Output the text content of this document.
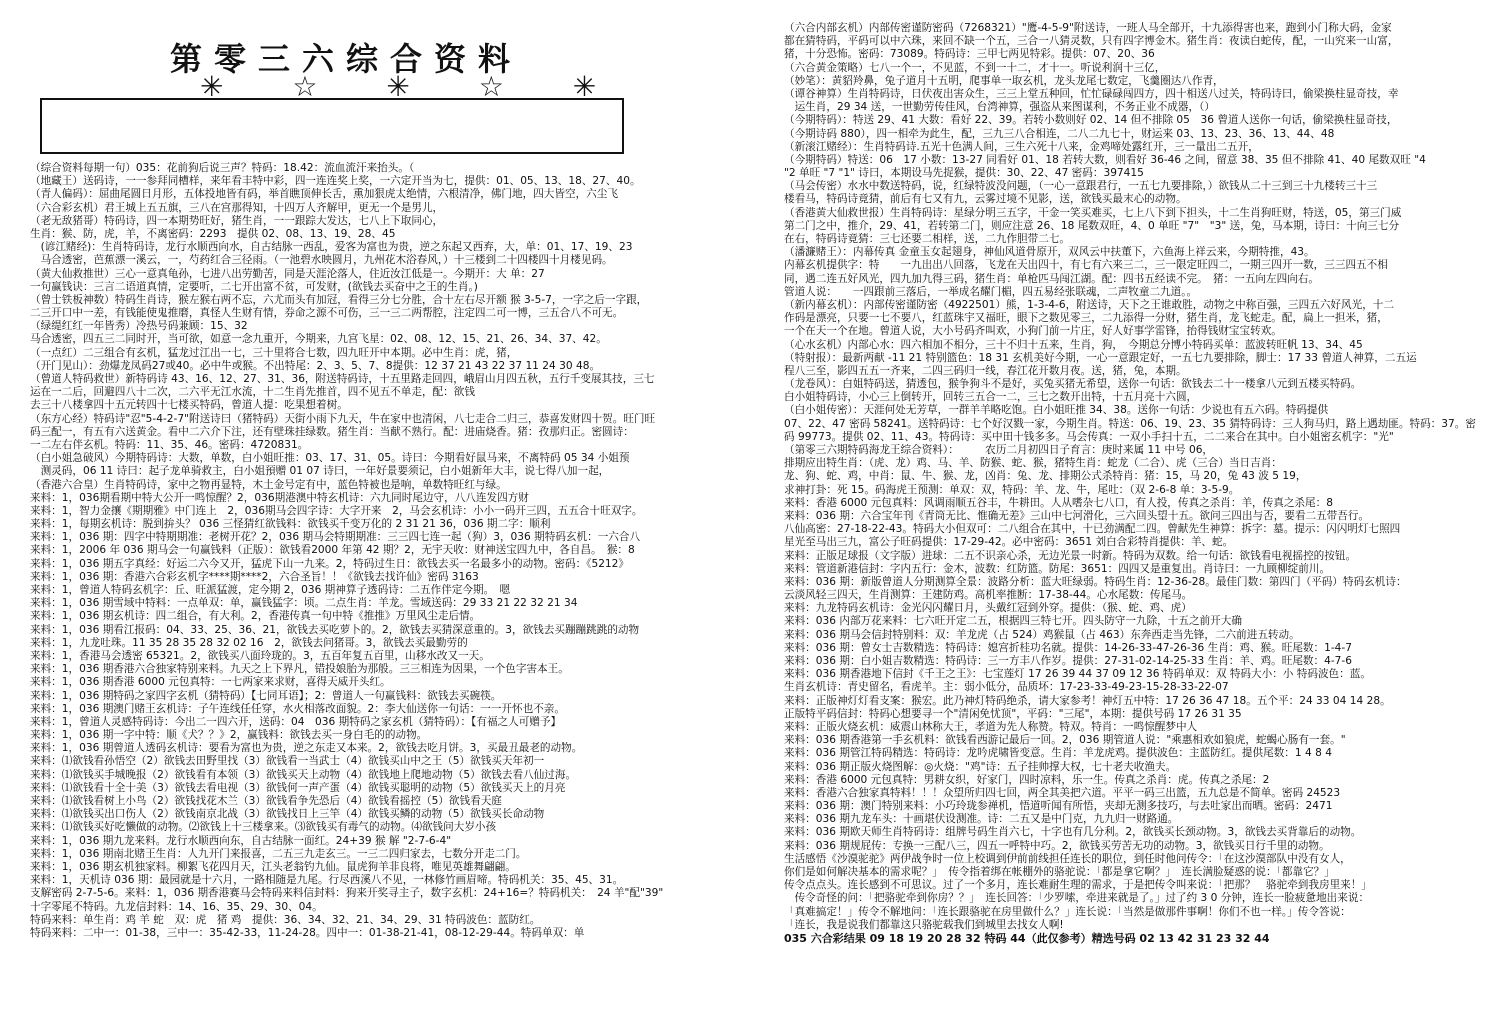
第零三六综合资料
✳ ☆ ✳ ☆ ✳
（综合资料每期一句）035：花前狗后说三声？特码：18.42：流血流汗来抬头。（
（地藏王）送码诗，一一参拜同槽样，来年看丰特中彩，四一连连奖上奖，一六定开当为七，提供：01、05、13、18、27、40。
（青人偏码）：屈曲尾圆日月形，五体投地皆有码，举首瞧顶伸长舌，熏加狠虎太绝情，六根清净，佛门地，四大皆空，六尘飞
（六合彩玄机）君王城上五五旗，三八在宫那得知，十四万人齐解甲，更无一个是男儿，
（老无敌猪哥）特码诗，四一本期势旺好，猪生肖，一一跟踪大发达，七八上下取同心，
生肖：猴、防，虎，羊，不离密码：2293　提供 02、08、13、19、28、45
　(谚江赌经)：生肖特码诗，龙行水顺西向水，自古结脉一西乱，爱客为富也为贵，逆之东起又西弃，大，单：01、17、19、23
　马合透密，芭蕉漂一溪云，一，芍药红合三径雨。（一池碧水映圆月，九州花木浴春风，）十三楼到二十四楼四十月楼见码。
（黄大仙救推世）三心一意真龟孙，七进八出劳勤苦，同是天涯沦落人，住近汝江低是一。今期开：大 单：27
一句赢钱诀：三言二语道真情，定要听，二七开出富不贫，可发财，(欲钱去买奋中之王的生肖。)
（曾士铁板神数）特码生肖诗，猴左猴右两不忘，六尤而头有加冠，看得三分七分胜，合十左右尽开额 猴 3-5-7，一字之后一字跟，
二三开口中一差，有钱能使鬼推磨，真怪人生财有情，券命之源不可伤，三一三二两帮腔，注定四二可一博，三五合八不可无。
（绿缇红红一年皆秀）冷热号码兼顾：15、32
马合透密，四五三二同时开，当可欲，如意一念九重开，今期来，九宫飞星：02、08、12、15、21、26、34、37、42。
（一点红）二三组合有玄机，猛龙过江出一七，三十里将合七数，四九旺开中本期。必中生肖：虎，猪，
（开门见山）：劲爆龙凤码27或40。必中牛或猴。不出特尾：2、3、5、7、8提供：12 37 21 43 22 37 11 24 30 48。
（曾道人特码救世）新特码诗 43、16、12、27、31、36，附送特码诗，十五里路走回四，峨眉山月四五秋，五行千变展其技，三七
运在一二后，回避四八十二次，二六平无江水流，十二生肖先推首，四不见五不单走，配：欲钱
去三十八楼拿四十五元转四十七楼买特码，曾道人提：吃果想着树。
（东方心经）特码诗"忍"5-4-2-7"附送诗曰（猪特码）天街小雨下九天，牛在家中也清闲，八七走合二归三，恭喜发财四十贺。旺门旺
码三配一，有五有六送黄金。看中二六介下注，还有壁珠挂绿数。猪生肖：当献不熟行。配：进庙烧香。猪：孜那归正。密圆诗：
一二左右伴玄机。特码：11、35、46。密码：4720831。
（白小姐急破风）今期特码诗：大数，单数，白小姐旺推：03、17、31、05。诗曰：今期看好鼠马来，不离特码 05 34 小姐预
　测灵码，06 11 诗曰：起子龙单骑救主，白小姐預赠 01 07 诗曰，一年好景要须记，白小姐新年大丰，说七得八加一起，
（香港六合皇）生肖特码诗，家中之物再显特，木土金号定有中，蓝色特被也是响，单数特旺红与绿。
来料：1，036期看期中特大公开一鸣惊醒？2，036期港澳中特玄机诗：六九同时尾边守，八八连发四方财
来料：1，智力金攘《期期雅》中门连上　2，036期马会四字诗：大字开来　2，马会玄机诗：小小一码开三四，五五合十旺双字。
来料：1，每期玄机诗：脱到拚头？ 036 三怪猜红欲钱料：欲钱买千变万化的 2 31 21 36，036 期二字：顺利
来料：1，036 期：四字中特期期准：老树开花？2，036 期马会特期期准：三三四七连一起（狗）3，036 期特码玄机：一六合八
来料：1，2006 年 036 期马会一句赢钱料（正版）：欲钱看2000 年第 42 期？2，无宇天收：财神送宝四九中，各自昌。　猴：8
来料：1，036 期五字真经：好运二六今又开，猛虎下山一九来。2，特码过生日：欲钱去买一名最多小的动物。密码：《5212》
来料：1，036 期：香港六合彩玄机字****期****2，六合圣旨！！《欲钱去找许仙》密码 3163
来料：1，曾道人特码玄机字：丘、旺派猛渡，定今期 2，036 期神算子透码诗：二五作伴定今期。　嗯
来料：1，036 期雪域中特料：一点单双：单，赢钱猛字：顷。二点生肖：羊龙。雪域送码：29 33 21 22 32 21 34
来料：1，036 期玄机诗：四二组合，有大利。2，香港传真一句中特《推推》万里风尘走后情。
来料：1，036 期看江报码：04、33、25、36、21，欲钱去买吃萝卜的。2，欲钱去买猜深意重的。3，欲钱去买蹦蹦跳跳的动物
来料：1，九龙吐珠。11 35 28 35 28 32 02 16　2，欲钱去问猪哥。3，欲钱去买最勤劳的
来料：1，香港马会透密 65321。2，欲钱买八面玲珑的。3，五百年复五百里，山移水改又一天。
来料：1，036 期香港六合独家特别来料。九天之上下界凡，错投娘胎为那般。三三相连为因果，一个色字害本王。
来料：1，036 期香港 6000 元包真特：一七两家来求财，喜得天威开头红。
来料：1，036 期特码之家四字玄机（猜特码）【七同耳语】；2：曾道人一句赢钱料：欲钱去买碗筷。
来料：1，036 期澳门赌王玄机诗：子午连线任任穿，水火相落改面貌。2：李大仙送你一句话：一一开怀也不亲。
来料：1，曾道人灵感特码诗：今出二一四六开，送码：04　036 期特码之家玄机（猜特码）：【有福之人可赠予】
来料：1，036 期一字中特：顺《犬？？》2，赢钱料：欲钱去买一身白毛的的动物。
来料：1，036 期曾道人透码玄机诗：要看为富也为贵，逆之东走又本来。2，欲钱去吃月饼。3，买最丑最老的动物。
来料：⑴欲钱看孙悟空（2）欲钱去田野里找（3）欲钱看一当武士（4）欲钱买山中之王（5）欲钱买天年初一
来料：⑴欲钱买手城晚报（2）欲钱看有本领（3）欲钱买天上动物（4）欲钱地上爬地动物（5）欲钱去看八仙过海。
来料：⑴欲钱看十全十美（3）欲钱去看电视（3）欲钱何一声产蛋（4）欲钱买聪明的动物（5）欲钱买天上的月亮
来料：⑴欲钱看树上小鸟（2）欲钱找花木兰（3）欲钱看争先恐后（4）欲钱看摇控（5）欲钱看天庭
来料：⑴欲钱买出口伤人（2）欲钱南京北战（3）欲钱找日上三竿（4）欲钱买鳞的动物（5）欲钱买长命动物
来料：⑴欲钱买好吃懒做的动物。⑵欲钱上十三楼拿来。⑶欲钱买有毒气的动物。⑷欲钱问大岁小孩
来料：1，036 期九龙来料。龙行水顺西向东，自古结脉一面红。24+39 猴 解 "2-7-6-4"
来料：1，036 期南北赌王生肖：人九开门来报喜，二五三九走玄三。一三二四归家去，七数分开走二门。
来料：1，036 期玄机独家料。柳絮飞花四月天，江头老翁钓九仙。鼠虎狗羊非良将，唯见英雄舞翩翩。
来料：1，天机诗 036 期：最园就是十六月，一路相随是九尾。行尽西溪八不见，一林修竹画眉啼。特码机关：35、45、31。
支解密码 2-7-5-6。来料：1，036 期香港赛马会特码来料信封料：狗来开奖寻主子，数字玄机：24+16=？特码机关：　24 羊"配"39"
十字零尾不特码。九龙信封料：14、16、35、29、30、04。
特码来料：单生肖：鸡 羊 蛇　双：虎　猪 鸡　提供：36、34、32、21、34、29、31 特码波色：蓝防红。
特码来料：二中一：01-38，三中一：35-42-33，11-24-28。四中一：01-38-21-41，08-12-29-44。特码单双：单
（六合内部玄机）内部传密谨防密码（7268321）"鹰-4-5-9"附送诗，一班人马全部开，十九添得害也来，跑到小门称大码，金家
都在猜特码，平码可以中六珠，来回不缺一个五，三合一八猜灵数，只有四字博金木。猪生肖：夜读白蛇传，配，一山究来一山富，
猪，十分恐怖。密码：73089。特码诗：三甲七两见特彩。提供：07、20、36
（六合黄金策略）七八一个一，不见蓝，不到一十二，才十一。听说利润十三亿，
（妙笔）：黄貂羚鼻，兔子道月十五明，爬事单一取玄机，龙头龙尾七数定，飞羹圈达八作青，
（谭谷神算）生肖特码诗，日伏夜出害众生，三三上堂五种回，忙忙碌碌闯四方，四十相送八过关，特码诗曰，偷梁换柱显奇技，幸
　运生肖，29 34 送，一世勤劳传佳风，台湾神算，强盗从来图谋利，不务正业不成器，（）
（今期特码）：特送 29、41 大数：看好 22、39。若转小数则好 02、14 但不排除 05　36 曾道人送你一句话，偷梁换柱显奇技，
（今期诗码 880），四一相牵为此生，配，三九三八合相连，二八二九七十，财运来 03、13、23、36、13、44、48
（新滚江赌经）：生肖特码诗.五光十色满人间，三生六死十八来，金鸡啼处露红开，三一量出二五开，
（今期特码）特送：06　17 小数：13-27 同看好 01、18 若转大数，则看好 36-46 之间，留意 38、35 但不排除 41、40 尾数双旺 "4
"2 单旺 "7 "1" 诗曰，本期设马先捉猴，提供：30、22、47 密码：397415
（马会传密）水水中数送特码，说，红绿特波没问题，（一心一意跟君行，一五七九要排除，）欲钱从二十三到三十九楼转三十三
楼看马，特码诗竟猜，前后有七又有九，云雾过境不见影，送，欲钱买最末心的动物。
（香港黄大仙救世报）生肖特码诗：星绿分明三五字，干金一笑买难买，七上八下到下担头，十二生肖狗旺财，特送，05，第三门威
第二门之中，推介，29、41，若转第二门，则应注意 26、18 尾数双旺，4、0 单旺 "7"　"3" 送，兔，马本期，诗曰：十向三七分
在右，特码诗竟猜：三七还要二相样，送，二九作胆带二七。
（潘濂赌王）：内幕传真 金童玉女起翅身，神仙风道骨原开，双风云中扶董下，六鱼海上祥云来，今期特推，43。
内幕玄机提供字：特　　一九出出八回落，飞龙在天出四十，有七有六来三二，三一限定旺四二，一期三四开一数，三三四五不相
同，遇二连五好风光，四九加九得三码，猪生肖：单枪匹马闯江湖。配：四书五经读不完。　猪：一五向左四向右。
管道人说：　　一四跟前三落后，一举成名耀门楣，四五易经张联魂，二声牧童二九道。。
（新内幕玄机）：内部传密谨防密（4922501）熊，1-3-4-6，附送诗，天下之王谁敢胜，动物之中称百强，三四五六好风光，十二
作码是漂亮，只要一七不要八，红蓝珠宇又福旺，眼下之数见零三，二九添得一分财，猪生肖，龙飞蛇走。配，扁上一担米，猪，
一个在天一个在地。曾道人说，大小号码齐叫欢，小狗门前一片庄，好人好事学雷锋，抬得钱财宝宝转欢。
（心水玄机）内部心水：四六相加不相分，三十不归十五来，生肖，狗，　今期总分博小特码买单：蓝波转旺帆 13、34、45
（特射报）：最新两献 -11 21 特别篮色：18 31 玄机美好今期，一心一意跟定好，一五七九要排除，脚士：17 33 曾道人神算，二五运
程八三至，影四五五一齐来，二四三码归一线，春江花开数月夜。送，猪，兔，本期。
（龙卷风）：白姐特码送，猜透包，猴争狗斗不是好，买兔买猪无希望，送你一句话：欲钱去二十一楼拿八元到五楼买特码。
白小姐特码诗，小心三上倒转开，回转三五合一二，三七之数开出特，十五月亮十六圆，
（白小姐传密）：天涯何处无芳草，一群羊羊略吃饱。白小姐旺推 34、38。送你一句话：少说也有五六码。特码提供
07、22、47 密码 58241。送特码诗：七个好汉戮一家，今期生肖。特送：06、19、23、35 猜特码诗：三人狗马归，路上遇劫匪。特码：37。密
码 99773。提供 02、11、43。特码诗：买中田十钱多多。马会传真：一双小手扫十五，二二来合在其中。白小姐密玄机字："光"
（第零三六期特码海龙王综合资料）：　　　农历二月初四日子育言：庚时来属 11 中号 06，
排期应出特生肖：（虎、龙）鸡、马、羊、防猴、蛇、猴，猪特生肖：蛇龙（二合）、虎（三合）当日吉肖：
龙、狗、蛇、鸡，中肖：鼠、牛、猴、龙，凶肖：兔、龙、排期公式杀特肖：猪：15，马 20，兔 43 波 5 19，
求神打卦：死 15。码海虎王预测：单双：双，特码：羊、龙、牛，尾吐：（双 2-6-8 单：3-5-9。
来料：香港 6000 元包真料：风调雨顺五谷丰，牛耕田。人从嗜杂七八口，有人投，传真之杀肖：羊，传真之杀尾：8
来料：036 期：六合宝年刊《青筒无比、惟确无差》三山中七河滑化，三六回头望十五。欲问三四出与否，要看二五带吾行。
八仙高密：27-18-22-43。特码大小但双可：二八组合在其中，十已劲满配二四。曾献先生神算：拆字：墓。提示：闪闪明灯七照四
星光至马出三九，富公子旺码提供：17-29-42。必中密码：3651 刘白合彩特肖提供：羊、蛇。
来料：正版足球报（文字版）进球：二五不识亲心杀，无边光景一时新。特码为双数。给一句话：欲钱看电视摇控的按钮。
来料：管道新港信封：字内五行：金木，波数：红防篮。防尾：3651：四四又是重复出。肖诗曰：一九顾柳绽前川。
来料：036 期：新版曾道人分期测算全景：波路分析：蓝大旺绿弱。特码生肖：12-36-28。最佳门数：第四门（平码）特码玄机诗：
云淡风轻三四天，生肖测算：王建防鸡。高机率推断：17-38-44。心水尾数：传尾马。
来料：九龙特码玄机诗：金光闪闪耀日月，头戴红冠到外穿。提供：（猴、蛇、鸡、虎）
来料：036 内部万花来料：七六旺开定二五，根据四三特七开。四头防守一九除，十五之前开大确
来料：036 期马会信封特别料：双：羊龙虎（占 524）鸡猴鼠（占 463）东奔西走当先锋，二六前进五转动。
来料：036 期：曾女士吉数精选：特码诗：媳宫折桂功名就。提供：14-26-33-47-26-36 生肖：鸡、猴。旺尾数：1-4-7
来料：036 期：白小姐吉数精选：特码诗：三一方丰八作岁。提供：27-31-02-14-25-33 生肖：羊、鸡。旺尾数：4-7-6
来料：036 期香港地下信封《千王之王》：七宝莲灯 17 26 39 44 37 09 12 36 特码单双：双 特码大小：小 特码波色：蓝。
生肖玄机诗：青史留名，看虎羊。主：弱小低分，品质坏：17-23-33-49-23-15-28-33-22-07
来料：正版神灯灯看支案：猴宏。此乃神灯特码绝杀，请大家参考！神灯五中特：17 26 36 47 18。五个平：24 33 04 14 28。
正版特平码信封：特码心想要寻一个"清闲免忧顶"，平码："三尾"，本期：提供号码 17 26 31 35
来料：正版火烧玄机：威震山林称大王，孝道为先人称赞。特双。特肖：一鸣惊醒梦中人
来料：036 期香港第一手玄机料：欲钱看西游记最后一回。2，036 期管道人说："乘惠相欢如狼虎，蛇蝎心肠有一套。"
来料：036 期管江特码精选：特码诗：龙吟虎啸皆变意。生肖：羊龙虎鸡。提供波色：主蓝防红。提供尾数：1 4 8 4
来料：036 期正版火烧图解：◎火烧："鸡"诗：五子挂帅撑大权，七十老夫收渔夫。
来料：香港 6000 元包真特：男耕女织，好家门，四时凉料，乐一生。传真之杀肖：虎。传真之杀尾：2
来料：香港六合独家真特料！！！众望所归四七回，两全其美把六道。平平一码三出篮，五九总是不简单。密码 24523
来料：036 期：澳门特别来料：小巧玲珑参禅机，悟道听闻有所悟，夹却无测多技巧，与去吐家出而晒。密码：2471
来料：036 期九龙车头：十画堪伏设测准。诗：二五又是中门克，九九归一财路通。
来料：036 期欧天师生肖特码诗：组牌号码生肖六七，十字也有几分利。2，欲钱买长颈动物。3，欲钱去买背靠后的动物。
来料：036 期规屁传：专换一三配八三，四五一呼特中巧。2，欲钱买劳苦无功的动物。3，欲钱买日行千里的动物。
生活感悟《沙漠驼驼》两伊战争时一位上校调到伊前前线担任连长的职位，到任时他问传令：「在这沙漠部队中没有女人，
你们是如何解决基本的需求呢？」　传令指着绑在帐棚外的骆驼说：「都是拿它啊？」　连长满脸疑惑的说：「都靠它？」
传令点点头。连长感到不可思议。过了一个多月，连长难耐生理的需求，于是把传令叫来说：「把那？　骆驼牵到我房里来！」
　传令奇怪的问：「把骆驼牵到你房？？」　连长回答：「少罗嗦，牵进来就是了。」过了约 3 0 分钟，连长一脸疲惫地出来说：
「真难搞定！」传令不解地问：「连长跟骆驼在房里做什么？」连长说：「当然是做那件事啊！你们不也一样。」传令答说：
「连长，我是说我们都靠这只骆驼载我们到城里去找女人啊!
035 六合彩结果 09 18 19 20 28 32 特码 44（此仅参考）精选号码 02 13 42 31 23 32 44
